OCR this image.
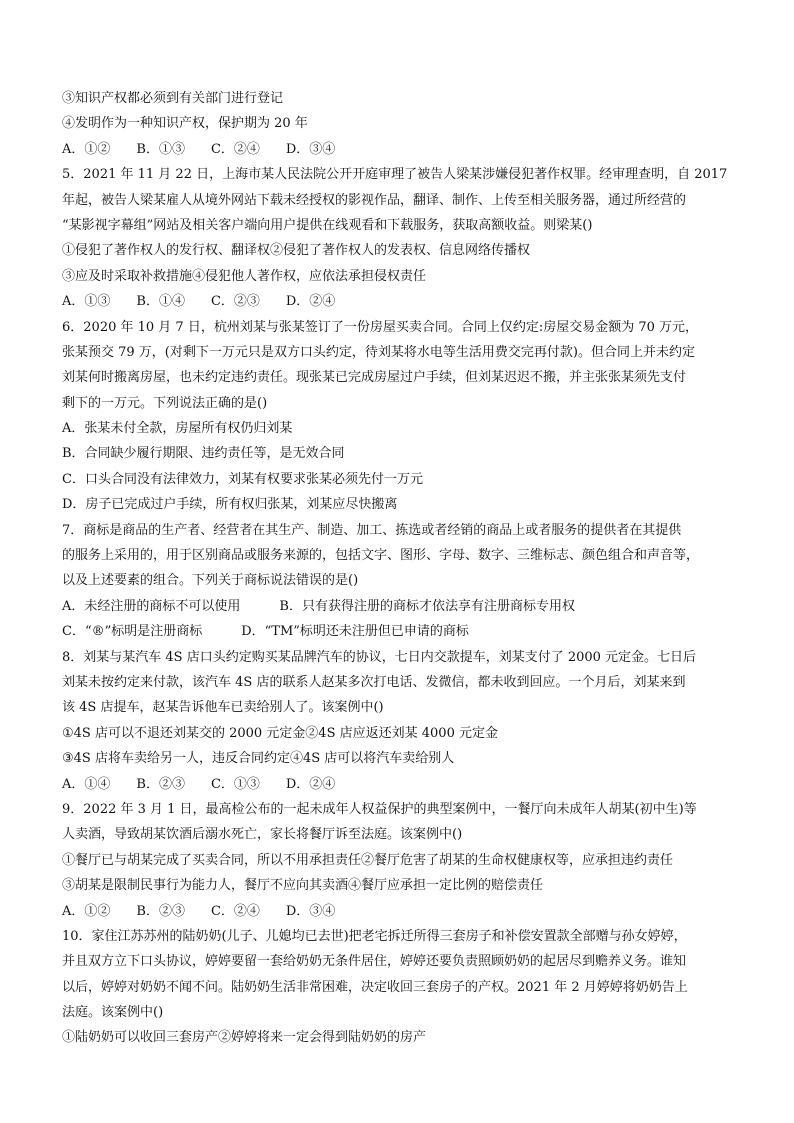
③知识产权都必须到有关部门进行登记
④发明作为一种知识产权，保护期为 20 年
A．①②　　B．①③　　C．②④　　D．③④
5．2021 年 11 月 22 日，上海市某人民法院公开开庭审理了被告人梁某涉嫌侵犯著作权罪。经审理查明，自 2017
年起，被告人梁某雇人从境外网站下载未经授权的影视作品，翻译、制作、上传至相关服务器，通过所经营的
“某影视字幕组”网站及相关客户端向用户提供在线观看和下载服务，获取高额收益。则梁某()
①侵犯了著作权人的发行权、翻译权②侵犯了著作权人的发表权、信息网络传播权
③应及时采取补救措施④侵犯他人著作权，应依法承担侵权责任
A．①③　　B．①④　　C．②③　　D．②④
6．2020 年 10 月 7 日，杭州刘某与张某签订了一份房屋买卖合同。合同上仅约定:房屋交易金额为 70 万元，
张某预交 79 万，(对剩下一万元只是双方口头约定，待刘某将水电等生活用费交完再付款)。但合同上并未约定
刘某何时搬离房屋，也未约定违约责任。现张某已完成房屋过户手续，但刘某迟迟不搬，并主张张某须先支付
剩下的一万元。下列说法正确的是()
A．张某未付全款，房屋所有权仍归刘某
B．合同缺少履行期限、违约责任等，是无效合同
C．口头合同没有法律效力，刘某有权要求张某必须先付一万元
D．房子已完成过户手续，所有权归张某，刘某应尽快搬离
7．商标是商品的生产者、经营者在其生产、制造、加工、拣选或者经销的商品上或者服务的提供者在其提供
的服务上采用的，用于区别商品或服务来源的，包括文字、图形、字母、数字、三维标志、颜色组合和声音等，
以及上述要素的组合。下列关于商标说法错误的是()
A．未经注册的商标不可以使用　　　B．只有获得注册的商标才依法享有注册商标专用权
C．“®”标明是注册商标　　　D．“TM”标明还未注册但已申请的商标
8．刘某与某汽车 4S 店口头约定购买某品牌汽车的协议，七日内交款提车，刘某支付了 2000 元定金。七日后
刘某未按约定来付款，该汽车 4S 店的联系人赵某多次打电话、发微信，都未收到回应。一个月后，刘某来到
该 4S 店提车，赵某告诉他车已卖给别人了。该案例中()
①4S 店可以不退还刘某交的 2000 元定金②4S 店应返还刘某 4000 元定金
③4S 店将车卖给另一人，违反合同约定④4S 店可以将汽车卖给别人
A．①④　　B．②③　　C．①③　　D．②④
9．2022 年 3 月 1 日，最高检公布的一起未成年人权益保护的典型案例中，一餐厅向未成年人胡某(初中生)等
人卖酒，导致胡某饮酒后溺水死亡，家长将餐厅诉至法庭。该案例中()
①餐厅已与胡某完成了买卖合同，所以不用承担责任②餐厅危害了胡某的生命权健康权等，应承担违约责任
③胡某是限制民事行为能力人，餐厅不应向其卖酒④餐厅应承担一定比例的赔偿责任
A．①②　　B．②③　　C．②④　　D．③④
10．家住江苏苏州的陆奶奶(儿子、儿媳均已去世)把老宅拆迁所得三套房子和补偿安置款全部赠与孙女婷婷，
并且双方立下口头协议，婷婷要留一套给奶奶无条件居住，婷婷还要负责照顾奶奶的起居尽到赡养义务。谁知
以后，婷婷对奶奶不闻不问。陆奶奶生活非常困难，决定收回三套房子的产权。2021 年 2 月婷婷将奶奶告上
法庭。该案例中()
①陆奶奶可以收回三套房产②婷婷将来一定会得到陆奶奶的房产
